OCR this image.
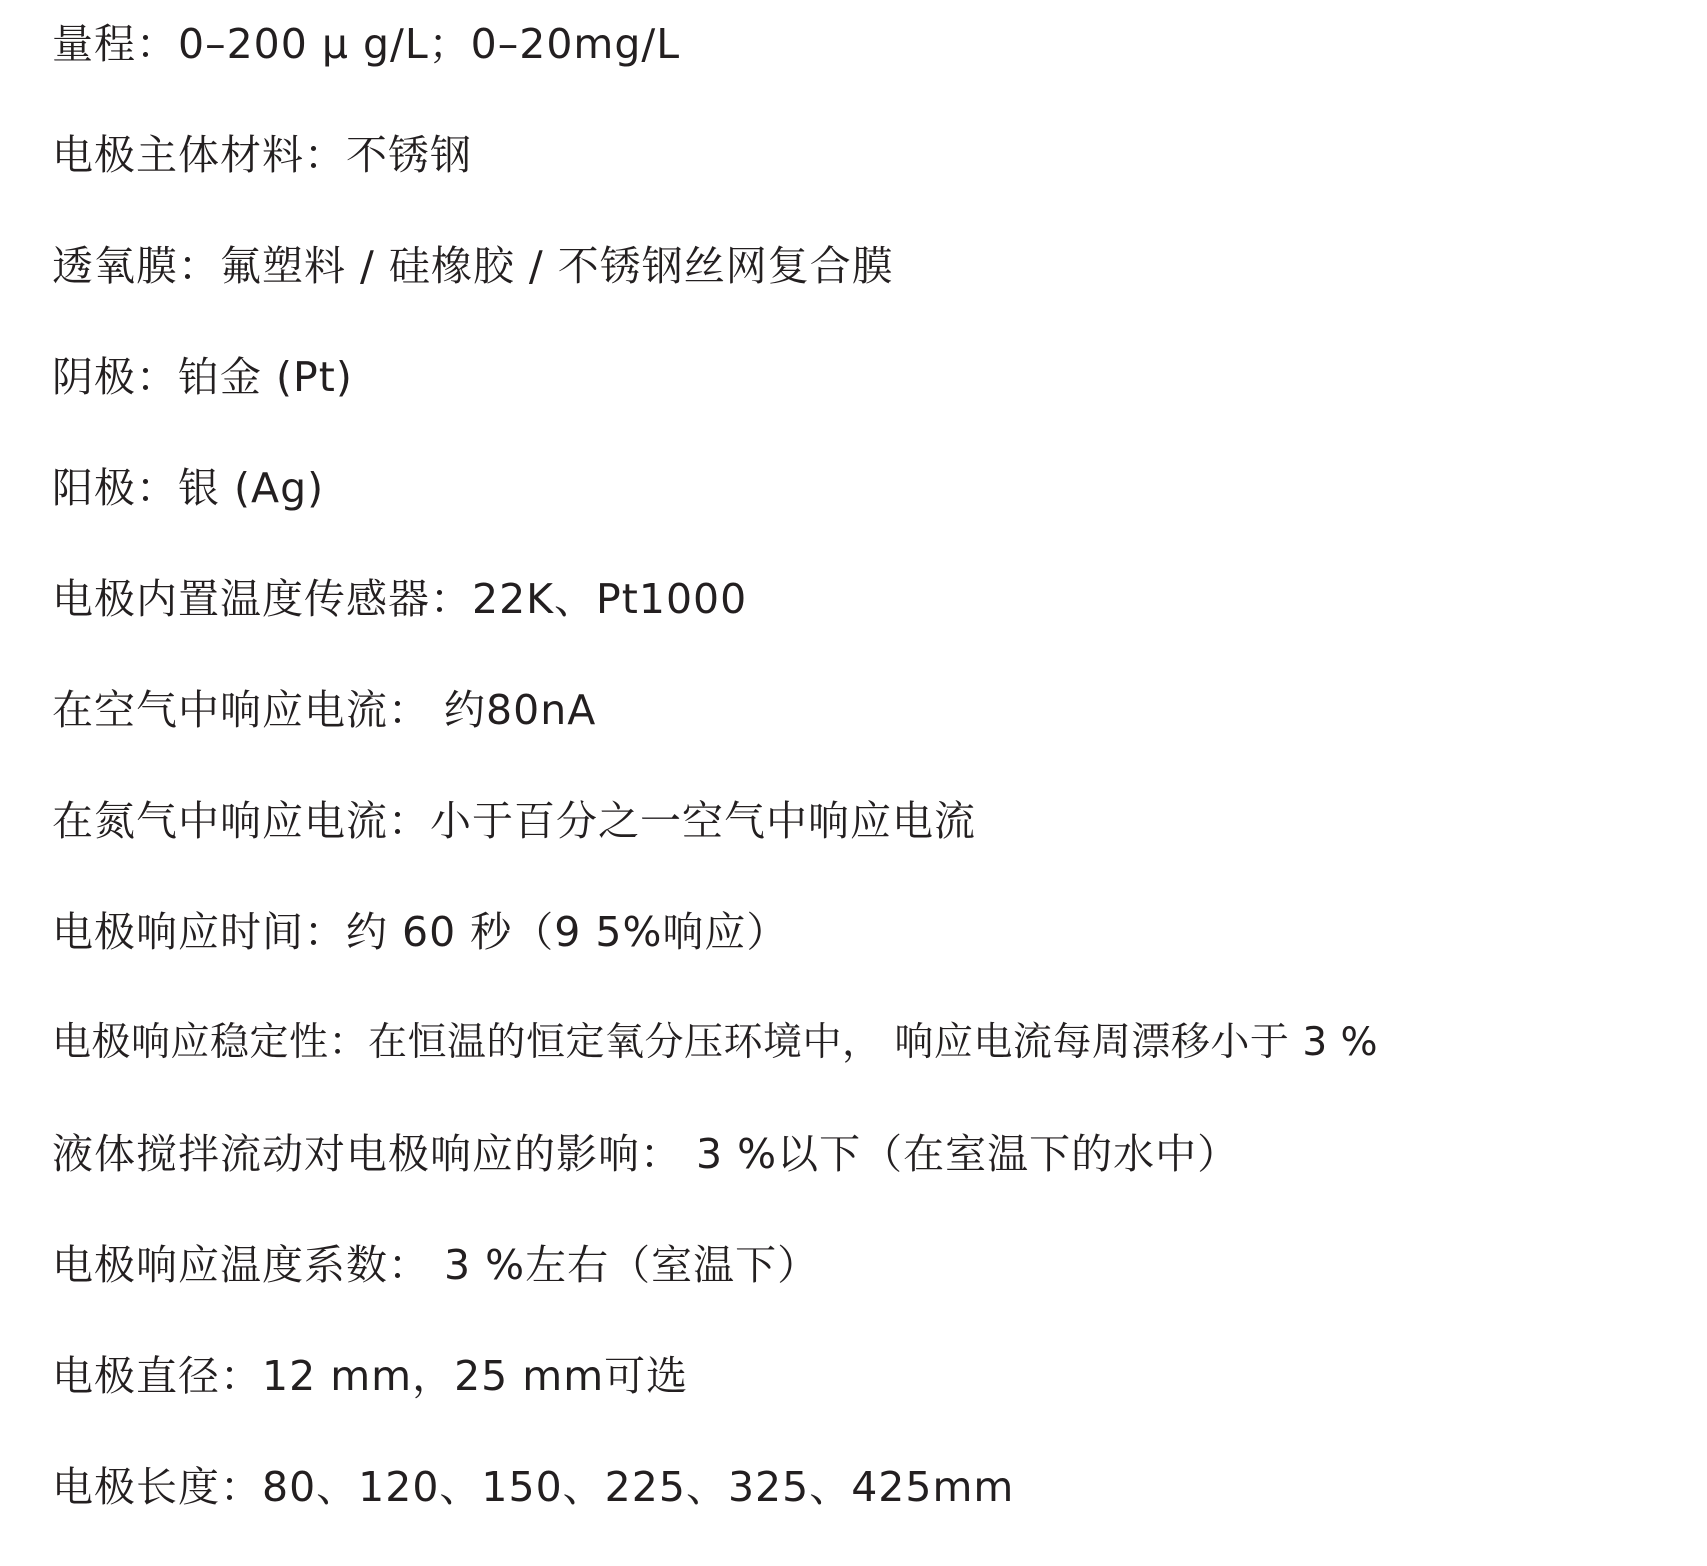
量程：0–200 μ g/L；0–20mg/L
电极主体材料：不锈钢
透氧膜：氟塑料 / 硅橡胶 / 不锈钢丝网复合膜
阴极：铂金 (Pt)
阳极：银 (Ag)
电极内置温度传感器：22K、Pt1000
在空气中响应电流： 约80nA
在氮气中响应电流：小于百分之一空气中响应电流
电极响应时间：约 60 秒（9 5%响应）
电极响应稳定性：在恒温的恒定氧分压环境中， 响应电流每周漂移小于 3 %
液体搅拌流动对电极响应的影响： 3 %以下（在室温下的水中）
电极响应温度系数： 3 %左右（室温下）
电极直径：12 mm，25 mm可选
电极长度：80、120、150、225、325、425mm
